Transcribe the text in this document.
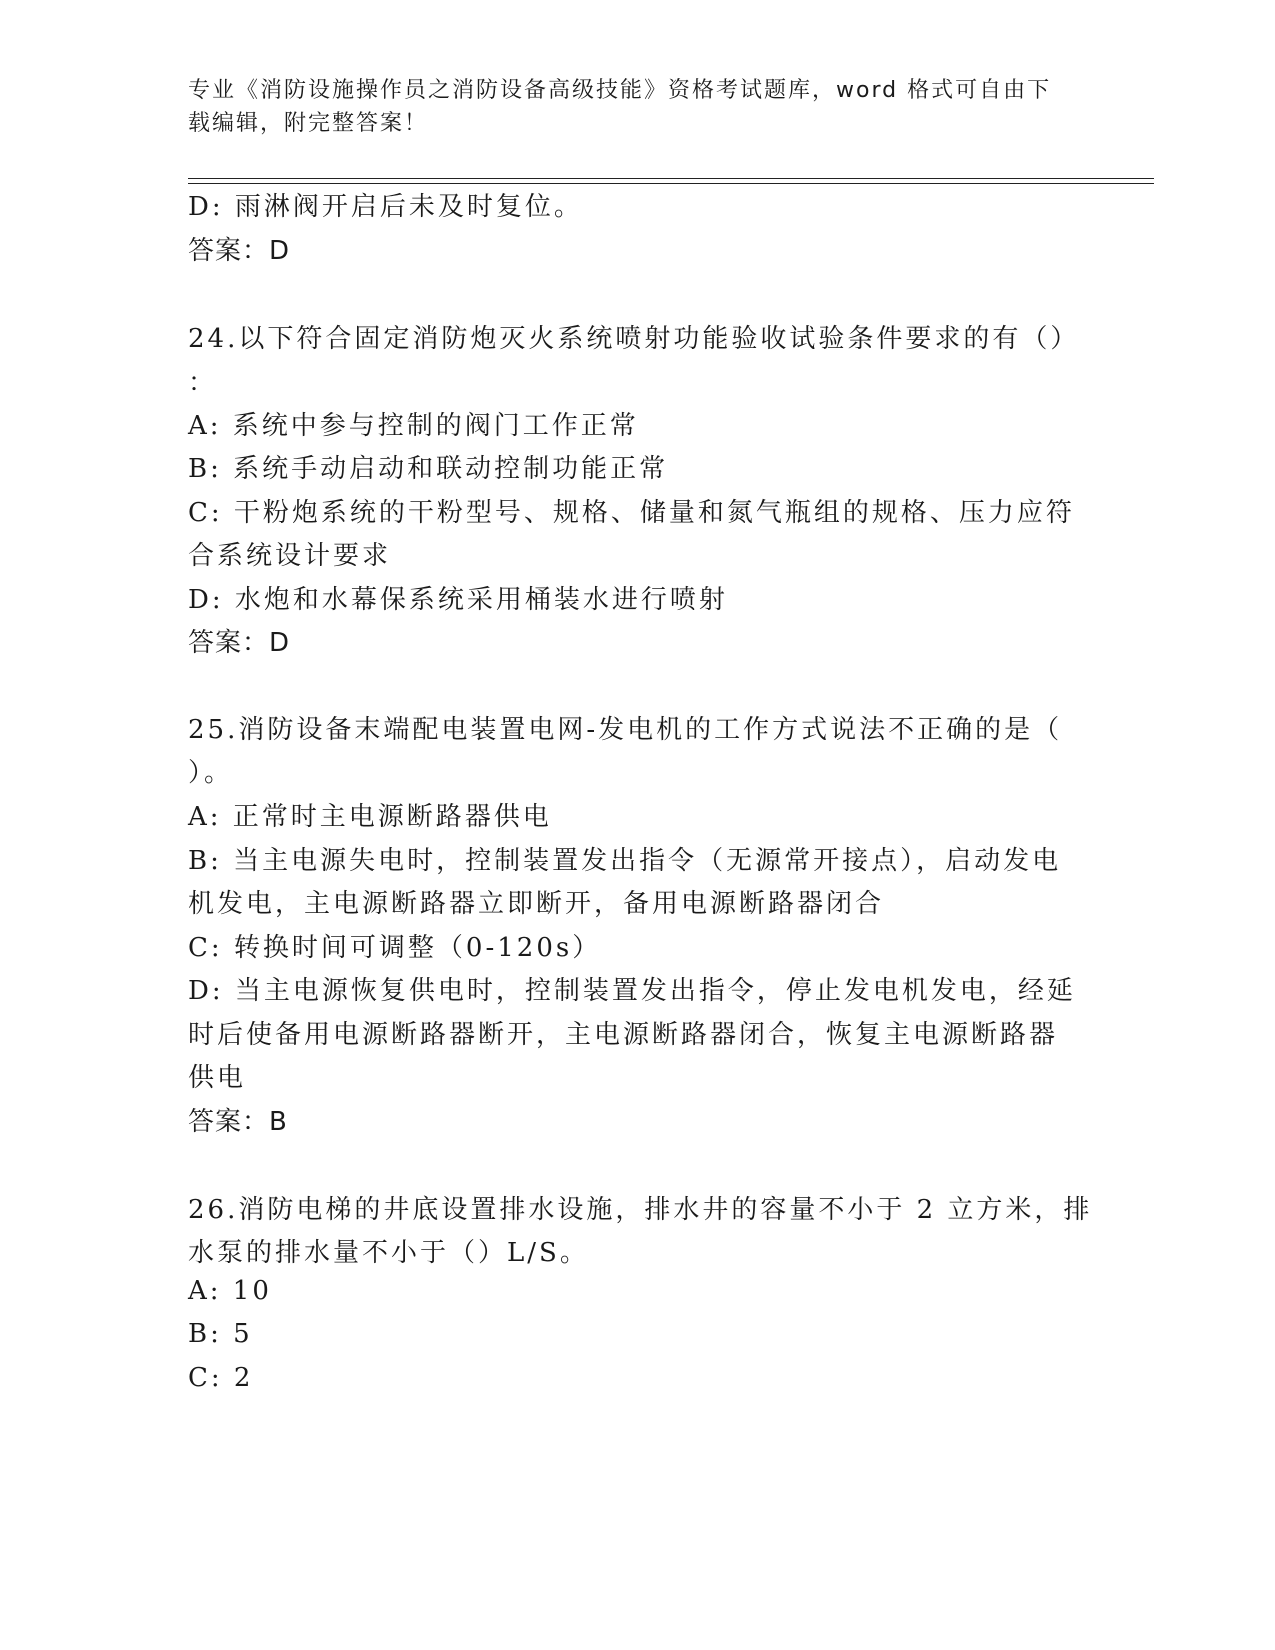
专业《消防设施操作员之消防设备高级技能》资格考试题库，word 格式可自由下
载编辑，附完整答案！
D: 雨淋阀开启后未及时复位。
答案：D
24.以下符合固定消防炮灭火系统喷射功能验收试验条件要求的有（）
：
A: 系统中参与控制的阀门工作正常
B: 系统手动启动和联动控制功能正常
C: 干粉炮系统的干粉型号、规格、储量和氮气瓶组的规格、压力应符
合系统设计要求
D: 水炮和水幕保系统采用桶装水进行喷射
答案：D
25.消防设备末端配电装置电网-发电机的工作方式说法不正确的是（
）。
A: 正常时主电源断路器供电
B: 当主电源失电时，控制装置发出指令（无源常开接点），启动发电
机发电，主电源断路器立即断开，备用电源断路器闭合
C: 转换时间可调整（0-120s）
D: 当主电源恢复供电时，控制装置发出指令，停止发电机发电，经延
时后使备用电源断路器断开，主电源断路器闭合，恢复主电源断路器
供电
答案：B
26.消防电梯的井底设置排水设施，排水井的容量不小于 2 立方米，排
水泵的排水量不小于（）L/S。
A: 10
B: 5
C: 2
